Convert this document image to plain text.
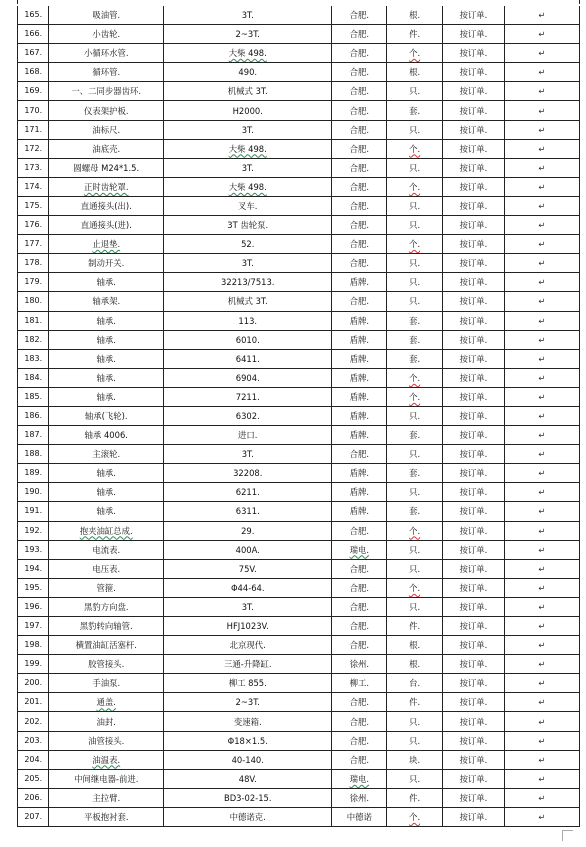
165.	吸油管.	3T.	合肥.	根.	按订单.	↵
166.	小齿轮.	2~3T.	合肥.	件.	按订单.	↵
167.	小循环水管.	大柴 498.	合肥.	个.	按订单.	↵
168.	循环管.	490.	合肥.	根.	按订单.	↵
169.	一、二同步器齿环.	机械式 3T.	合肥.	只.	按订单.	↵
170.	仪表架护板.	H2000.	合肥.	套.	按订单.	↵
171.	油标尺.	3T.	合肥.	只.	按订单.	↵
172.	油底壳.	大柴 498.	合肥.	个.	按订单.	↵
173.	圆螺母 M24*1.5.	3T.	合肥.	只.	按订单.	↵
174.	正时齿轮罩.	大柴 498.	合肥.	个.	按订单.	↵
175.	直通接头(出).	叉车.	合肥.	只.	按订单.	↵
176.	直通接头(进).	3T 齿轮泵.	合肥.	只.	按订单.	↵
177.	止退垫.	52.	合肥.	个.	按订单.	↵
178.	制动开关.	3T.	合肥.	只.	按订单.	↵
179.	轴承.	32213/7513.	盾牌.	只.	按订单.	↵
180.	轴承架.	机械式 3T.	合肥.	只.	按订单.	↵
181.	轴承.	113.	盾牌.	套.	按订单.	↵
182.	轴承.	6010.	盾牌.	套.	按订单.	↵
183.	轴承.	6411.	盾牌.	套.	按订单.	↵
184.	轴承.	6904.	盾牌.	个.	按订单.	↵
185.	轴承.	7211.	盾牌.	个.	按订单.	↵
186.	轴承(飞轮).	6302.	盾牌.	只.	按订单.	↵
187.	轴承 4006.	进口.	盾牌.	套.	按订单.	↵
188.	主滚轮.	3T.	合肥.	只.	按订单.	↵
189.	轴承.	32208.	盾牌.	套.	按订单.	↵
190.	轴承.	6211.	盾牌.	只.	按订单.	↵
191.	轴承.	6311.	盾牌.	套.	按订单.	↵
192.	抱夹油缸总成.	29.	合肥.	个.	按订单.	↵
193.	电流表.	400A.	瑞电.	只.	按订单.	↵
194.	电压表.	75V.	合肥.	只.	按订单.	↵
195.	管箍.	Φ44-64.	合肥.	个.	按订单.	↵
196.	黑豹方向盘.	3T.	合肥.	只.	按订单.	↵
197.	黑豹转向轴管.	HFJ1023V.	合肥.	件.	按订单.	↵
198.	横置油缸活塞杆.	北京现代.	合肥.	根.	按订单.	↵
199.	胶管接头.	三通-升降缸.	徐州.	根.	按订单.	↵
200.	手油泵.	柳工 855.	柳工.	台.	按订单.	↵
201.	通盖.	2~3T.	合肥.	件.	按订单.	↵
202.	油封.	变速箱.	合肥.	只.	按订单.	↵
203.	油管接头.	Φ18×1.5.	合肥.	只.	按订单.	↵
204.	油温表.	40-140.	合肥.	块.	按订单.	↵
205.	中间继电器-前进.	48V.	瑞电.	只.	按订单.	↵
206.	主拉臂.	BD3-02-15.	徐州.	件.	按订单.	↵
207.	平板抱衬套.	中德诺克.	中德诺	个.	按订单.	↵
